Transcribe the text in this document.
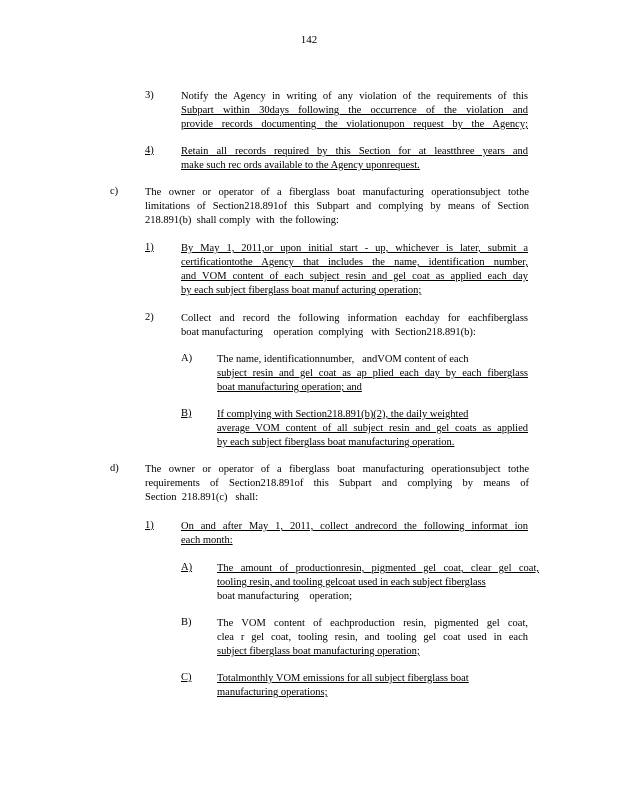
142
3)	Notify the Agency in writing of any violation of the requirements of this
Subpart within 30days following the occurrence of the violation and
provide records documenting the violationupon request by the Agency;
4)	Retain all records required by this Section for at leastthree years and
make such rec ords available to the Agency uponrequest.
c)	The owner or operator of a fiberglass boat manufacturing operationsubject tothe
limitations of Section218.891of this Subpart and complying by means of Section
218.891(b)  shall comply  with  the following:
1)	By May 1, 2011,or upon initial start - up, whichever is later, submit a
certificationtothe Agency that includes the name, identification number,
and VOM content of each subject resin and gel coat as applied each day
by each subject fiberglass boat manuf acturing operation;
2)	Collect and record the following information eachday for eachfiberglass
boat manufacturing    operation  complying   with  Section218.891(b):
A) The name, identificationnumber,   andVOM content of each
subject resin and gel coat as ap plied each day by each fiberglass
boat manufacturing operation; and
B) If complying with Section218.891(b)(2), the daily weighted
average VOM content of all subject resin and gel coats as applied
by each subject fiberglass boat manufacturing operation.
d)	The owner or operator of a fiberglass boat manufacturing operationsubject tothe
requirements of Section218.891of this Subpart and complying by means of
Section  218.891(c)   shall:
1)	On and after May 1, 2011, collect andrecord the following informat ion
each month:
A) The amount of productionresin, pigmented gel coat, clear gel coat,
tooling resin, and tooling gelcoat used in each subject fiberglass
boat manufacturing    operation;
B) The VOM content of eachproduction resin, pigmented gel coat,
clea r gel coat, tooling resin, and tooling gel coat used in each
subject fiberglass boat manufacturing operation;
C) Totalmonthly VOM emissions for all subject fiberglass boat
manufacturing operations;
